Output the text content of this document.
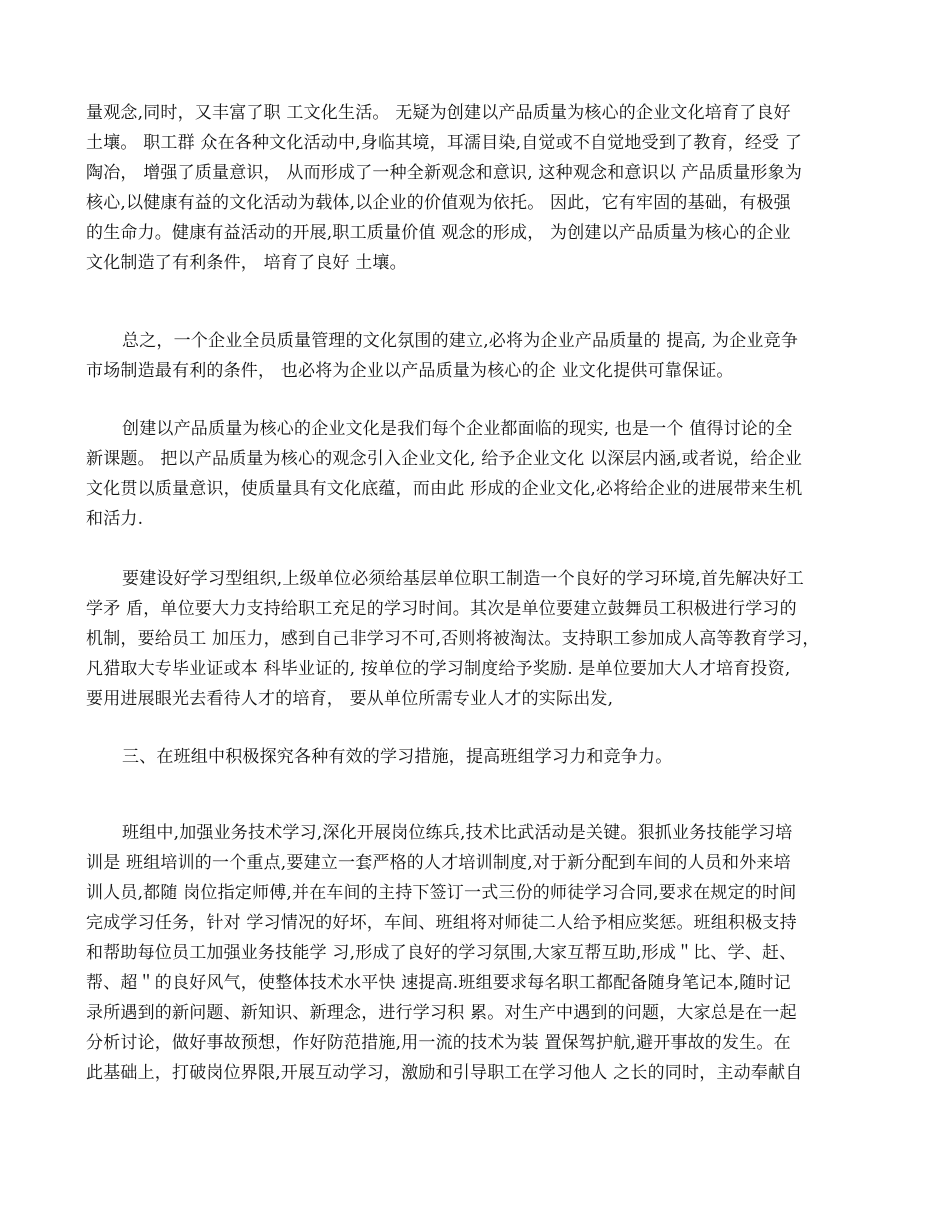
量观念,同时，又丰富了职 工文化生活。 无疑为创建以产品质量为核心的企业文化培育了良好
土壤。 职工群 众在各种文化活动中,身临其境，耳濡目染,自觉或不自觉地受到了教育，经受 了
陶冶， 增强了质量意识， 从而形成了一种全新观念和意识, 这种观念和意识以 产品质量形象为
核心,以健康有益的文化活动为载体,以企业的价值观为依托。 因此，它有牢固的基础，有极强
的生命力。健康有益活动的开展,职工质量价值 观念的形成， 为创建以产品质量为核心的企业
文化制造了有利条件， 培育了良好 土壤。
总之，一个企业全员质量管理的文化氛围的建立,必将为企业产品质量的 提高, 为企业竞争
市场制造最有利的条件， 也必将为企业以产品质量为核心的企 业文化提供可靠保证。
创建以产品质量为核心的企业文化是我们每个企业都面临的现实, 也是一个 值得讨论的全
新课题。 把以产品质量为核心的观念引入企业文化, 给予企业文化 以深层内涵,或者说，给企业
文化贯以质量意识，使质量具有文化底蕴，而由此 形成的企业文化,必将给企业的进展带来生机
和活力.
要建设好学习型组织,上级单位必须给基层单位职工制造一个良好的学习环境,首先解决好工
学矛 盾，单位要大力支持给职工充足的学习时间。其次是单位要建立鼓舞员工积极进行学习的
机制，要给员工 加压力，感到自己非学习不可,否则将被淘汰。支持职工参加成人高等教育学习，
凡猎取大专毕业证或本 科毕业证的, 按单位的学习制度给予奖励. 是单位要加大人才培育投资,
要用进展眼光去看待人才的培育， 要从单位所需专业人才的实际出发,
三、在班组中积极探究各种有效的学习措施，提高班组学习力和竞争力。
班组中,加强业务技术学习,深化开展岗位练兵,技术比武活动是关键。狠抓业务技能学习培
训是 班组培训的一个重点,要建立一套严格的人才培训制度,对于新分配到车间的人员和外来培
训人员,都随 岗位指定师傅,并在车间的主持下签订一式三份的师徒学习合同,要求在规定的时间
完成学习任务，针对 学习情况的好坏，车间、班组将对师徒二人给予相应奖惩。班组积极支持
和帮助每位员工加强业务技能学 习,形成了良好的学习氛围,大家互帮互助,形成＂比、学、赶、
帮、超＂的良好风气，使整体技术水平快 速提高.班组要求每名职工都配备随身笔记本,随时记
录所遇到的新问题、新知识、新理念，进行学习积 累。对生产中遇到的问题，大家总是在一起
分析讨论，做好事故预想，作好防范措施,用一流的技术为装 置保驾护航,避开事故的发生。在
此基础上，打破岗位界限,开展互动学习，激励和引导职工在学习他人 之长的同时，主动奉献自
